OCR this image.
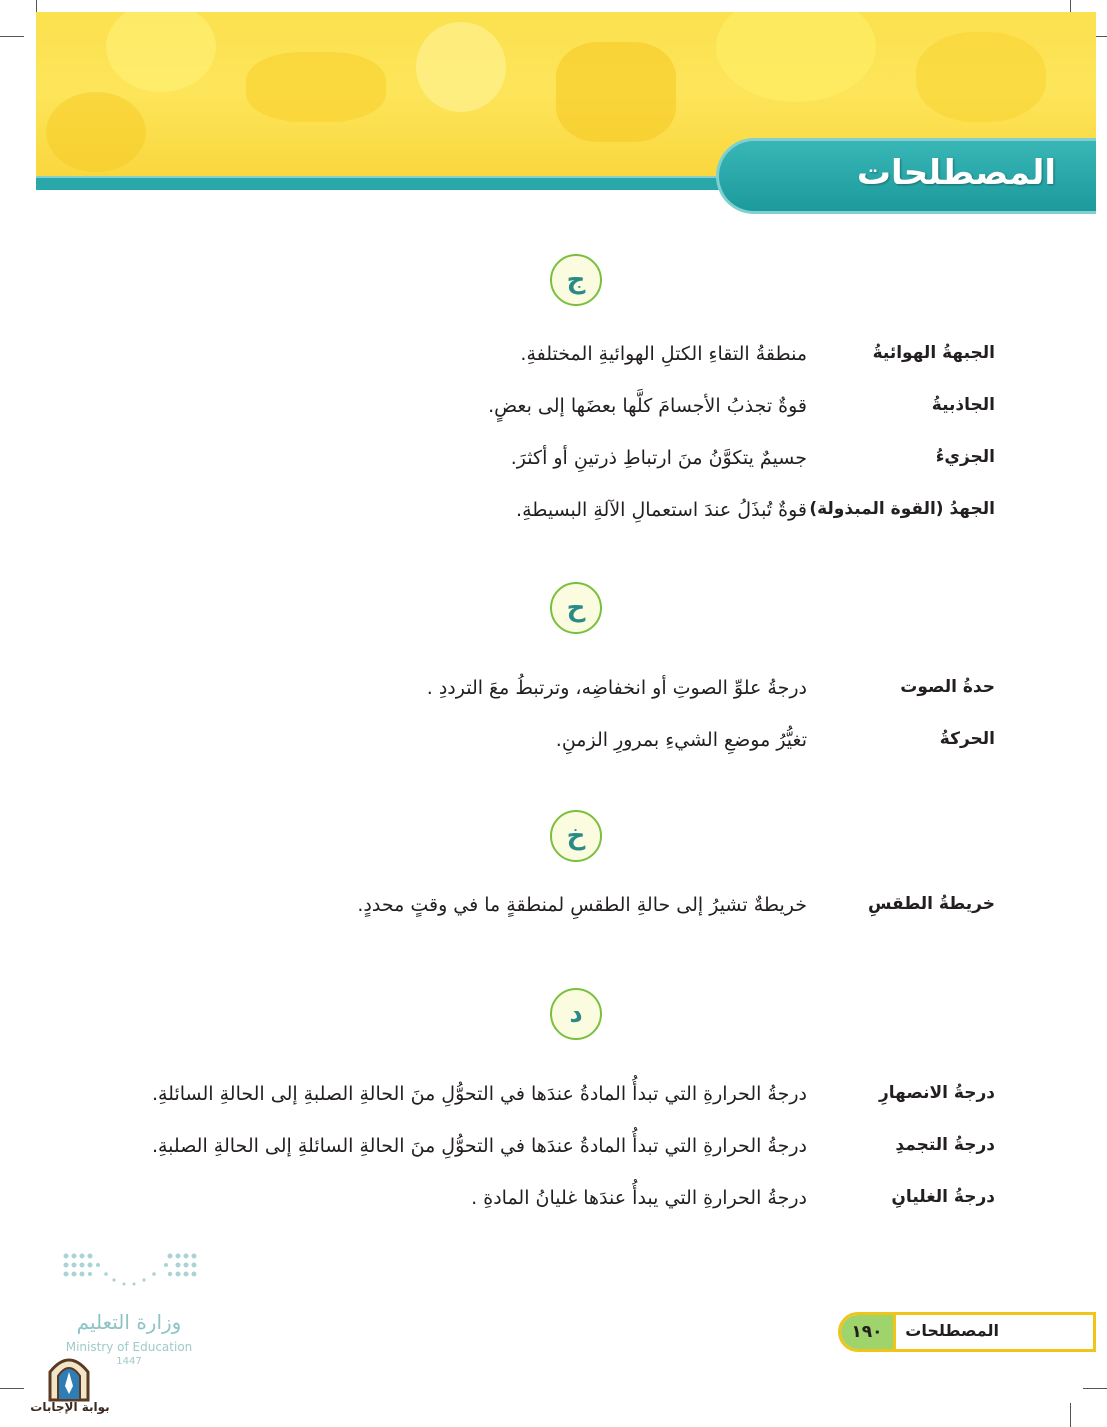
المصطلحات
ج
الجبهةُ الهوائيةُ
منطقةُ التقاءِ الكتلِ الهوائيةِ المختلفةِ.
الجاذبيةُ
قوةٌ تجذبُ الأجسامَ كلَّها بعضَها إلى بعضٍ.
الجزيءُ
جسيمٌ يتكوَّنُ منَ ارتباطِ ذرتينِ أو أكثرَ.
الجهدُ (القوة المبذولة)
قوةٌ تُبذَلُ عندَ استعمالِ الآلةِ البسيطةِ.
ح
حدةُ الصوت
درجةُ علوِّ الصوتِ أو انخفاضِه، وترتبطُ معَ الترددِ .
الحركةُ
تغيُّرُ موضعِ الشيءِ بمرورِ الزمنِ.
خ
خريطةُ الطقسِ
خريطةٌ تشيرُ إلى حالةِ الطقسِ لمنطقةٍ ما في وقتٍ محددٍ.
د
درجةُ الانصهارِ
درجةُ الحرارةِ التي تبدأُ المادةُ عندَها في التحوُّلِ منَ الحالةِ الصلبةِ إلى الحالةِ السائلةِ.
درجةُ التجمدِ
درجةُ الحرارةِ التي تبدأُ المادةُ عندَها في التحوُّلِ منَ الحالةِ السائلةِ إلى الحالةِ الصلبةِ.
درجةُ الغليانِ
درجةُ الحرارةِ التي يبدأُ عندَها غليانُ المادةِ .
وزارة التعليم
Ministry of Education
1447
بوابة الإجابات
١٩٠	المصطلحات
